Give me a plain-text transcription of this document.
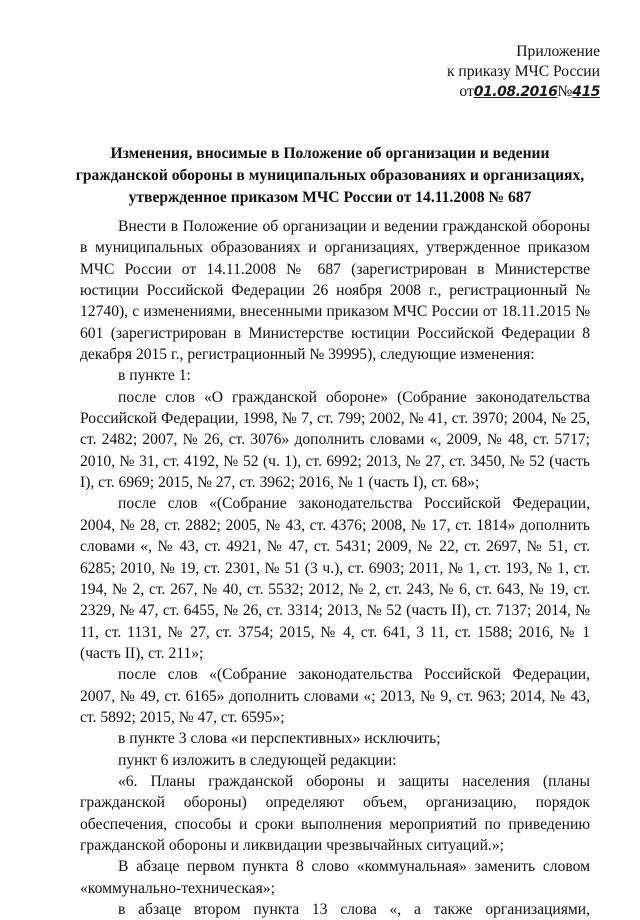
Приложение
к приказу МЧС России
от01.08.2016№415
Изменения, вносимые в Положение об организации и ведении гражданской обороны в муниципальных образованиях и организациях, утвержденное приказом МЧС России от 14.11.2008 № 687

Внести в Положение об организации и ведении гражданской обороны в муниципальных образованиях и организациях, утвержденное приказом МЧС России от 14.11.2008 № 687 (зарегистрирован в Министерстве юстиции Российской Федерации 26 ноября 2008 г., регистрационный № 12740), с изменениями, внесенными приказом МЧС России от 18.11.2015 № 601 (зарегистрирован в Министерстве юстиции Российской Федерации 8 декабря 2015 г., регистрационный № 39995), следующие изменения:

в пункте 1:

после слов «О гражданской обороне» (Собрание законодательства Российской Федерации, 1998, № 7, ст. 799; 2002, № 41, ст. 3970; 2004, № 25, ст. 2482; 2007, № 26, ст. 3076» дополнить словами «, 2009, № 48, ст. 5717; 2010, № 31, ст. 4192, № 52 (ч. 1), ст. 6992; 2013, № 27, ст. 3450, № 52 (часть I), ст. 6969; 2015, № 27, ст. 3962; 2016, № 1 (часть I), ст. 68»;

после слов «(Собрание законодательства Российской Федерации, 2004, № 28, ст. 2882; 2005, № 43, ст. 4376; 2008, № 17, ст. 1814» дополнить словами «, № 43, ст. 4921, № 47, ст. 5431; 2009, № 22, ст. 2697, № 51, ст. 6285; 2010, № 19, ст. 2301, № 51 (3 ч.), ст. 6903; 2011, № 1, ст. 193, № 1, ст. 194, № 2, ст. 267, № 40, ст. 5532; 2012, № 2, ст. 243, № 6, ст. 643, № 19, ст. 2329, № 47, ст. 6455, № 26, ст. 3314; 2013, № 52 (часть II), ст. 7137; 2014, № 11, ст. 1131, № 27, ст. 3754; 2015, № 4, ст. 641, 3 11, ст. 1588; 2016, № 1 (часть II), ст. 211»;

после слов «(Собрание законодательства Российской Федерации, 2007, № 49, ст. 6165» дополнить словами «; 2013, № 9, ст. 963; 2014, № 43, ст. 5892; 2015, № 47, ст. 6595»;

в пункте 3 слова «и перспективных» исключить;

пункт 6 изложить в следующей редакции:

«6. Планы гражданской обороны и защиты населения (планы гражданской обороны) определяют объем, организацию, порядок обеспечения, способы и сроки выполнения мероприятий по приведению гражданской обороны и ликвидации чрезвычайных ситуаций.»;

В абзаце первом пункта 8 слово «коммунальная» заменить словом «коммунально-техническая»;

в абзаце втором пункта 13 слова «, а также организациями,
